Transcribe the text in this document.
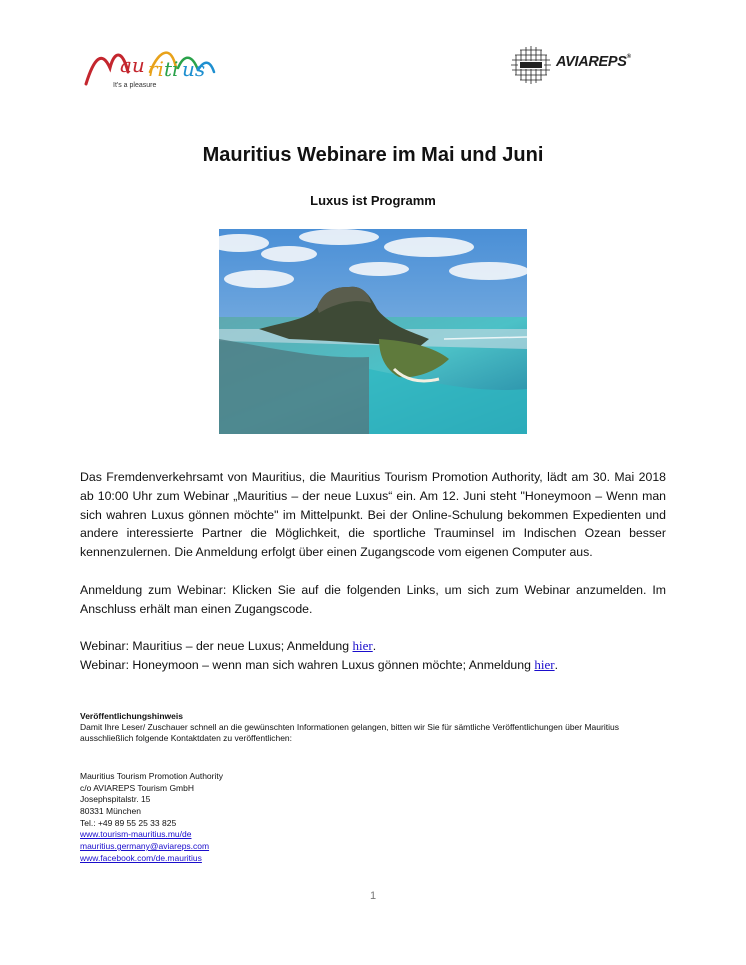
au ri ti us
It's a pleasure
AVIAREPS®
Mauritius Webinare im Mai und Juni
Luxus ist Programm

Das Fremdenverkehrsamt von Mauritius, die Mauritius Tourism Promotion Authority, lädt am 30. Mai 2018 ab 10:00 Uhr zum Webinar „Mauritius – der neue Luxus“ ein. Am 12. Juni steht "Honeymoon – Wenn man sich wahren Luxus gönnen möchte" im Mittelpunkt. Bei der Online-Schulung bekommen Expedienten und andere interessierte Partner die Möglichkeit, die sportliche Trauminsel im Indischen Ozean besser kennenzulernen. Die Anmeldung erfolgt über einen Zugangscode vom eigenen Computer aus.

Anmeldung zum Webinar: Klicken Sie auf die folgenden Links, um sich zum Webinar anzumelden. Im Anschluss erhält man einen Zugangscode.

Webinar: Mauritius – der neue Luxus; Anmeldung hier.
Webinar: Honeymoon – wenn man sich wahren Luxus gönnen möchte; Anmeldung hier.

Veröffentlichungshinweis

Damit Ihre Leser/ Zuschauer schnell an die gewünschten Informationen gelangen, bitten wir Sie für sämtliche Veröffentlichungen über Mauritius ausschließlich folgende Kontaktdaten zu veröffentlichen:

Mauritius Tourism Promotion Authority
c/o AVIAREPS Tourism GmbH
Josephspitalstr. 15
80331 München
Tel.: +49 89 55 25 33 825
www.tourism-mauritius.mu/de
mauritius.germany@aviareps.com
www.facebook.com/de.mauritius

1
